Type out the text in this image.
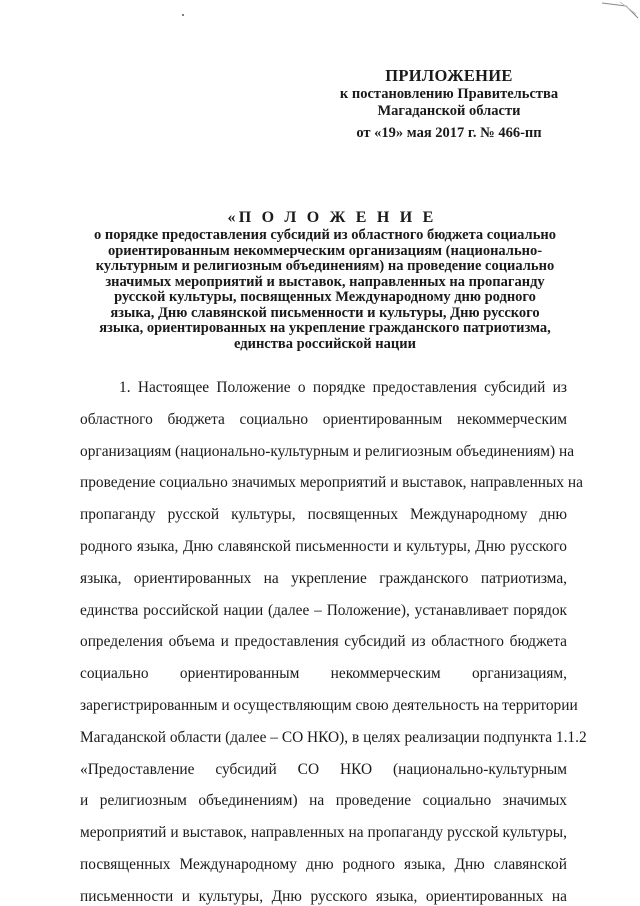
ПРИЛОЖЕНИЕ
к постановлению Правительства
Магаданской области
от «19» мая 2017 г. № 466-пп
«П О Л О Ж Е Н И Е
о порядке предоставления субсидий из областного бюджета социально
ориентированным некоммерческим организациям (национально-
культурным и религиозным объединениям) на проведение социально
значимых мероприятий и выставок, направленных на пропаганду
русской культуры, посвященных Международному дню родного
языка, Дню славянской письменности и культуры, Дню русского
языка, ориентированных на укрепление гражданского патриотизма,
единства российской нации
1. Настоящее Положение о порядке предоставления субсидий из
областного бюджета социально ориентированным некоммерческим
организациям (национально-культурным и религиозным объединениям) на
проведение социально значимых мероприятий и выставок, направленных на
пропаганду русской культуры, посвященных Международному дню
родного языка, Дню славянской письменности и культуры, Дню русского
языка, ориентированных на укрепление гражданского патриотизма,
единства российской нации (далее – Положение), устанавливает порядок
определения объема и предоставления субсидий из областного бюджета
социально ориентированным некоммерческим организациям,
зарегистрированным и осуществляющим свою деятельность на территории
Магаданской области (далее – СО НКО), в целях реализации подпункта 1.1.2
«Предоставление субсидий СО НКО (национально-культурным
и религиозным объединениям) на проведение социально значимых
мероприятий и выставок, направленных на пропаганду русской культуры,
посвященных Международному дню родного языка, Дню славянской
письменности и культуры, Дню русского языка, ориентированных на
